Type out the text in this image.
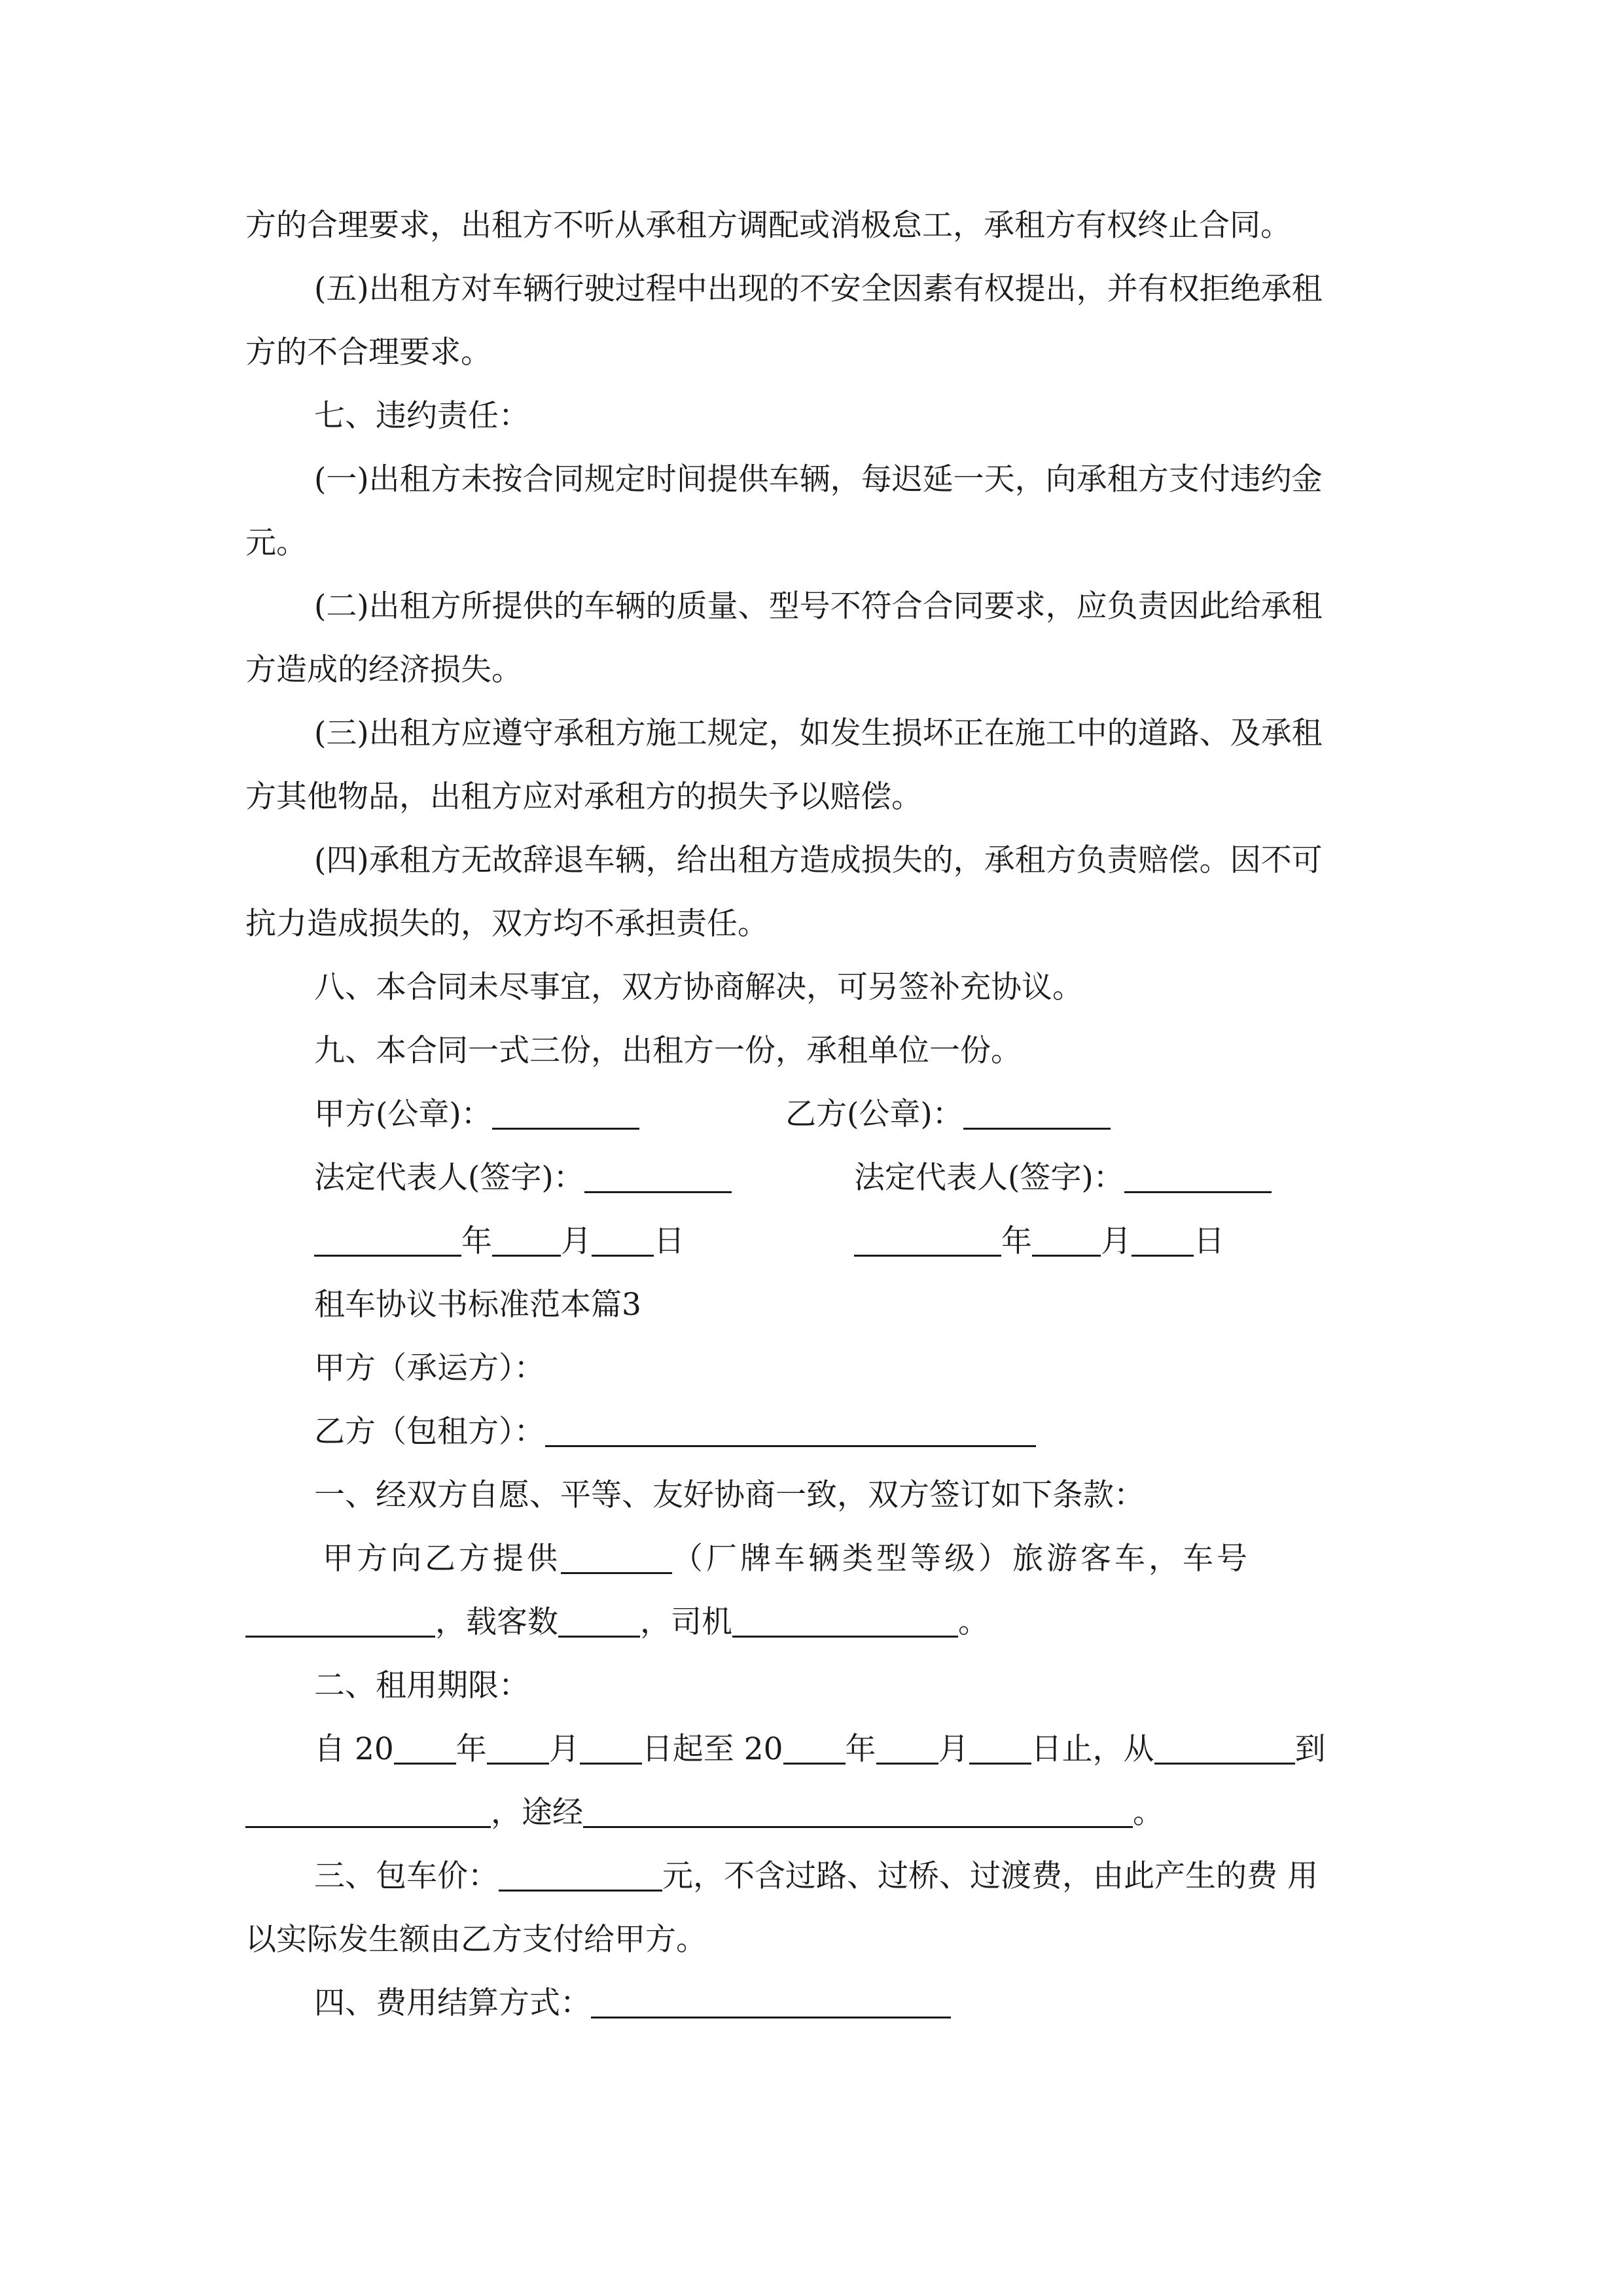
方的合理要求，出租方不听从承租方调配或消极怠工，承租方有权终止合同。
(五)出租方对车辆行驶过程中出现的不安全因素有权提出，并有权拒绝承租
方的不合理要求。
七、违约责任：
(一)出租方未按合同规定时间提供车辆，每迟延一天，向承租方支付违约金
元。
(二)出租方所提供的车辆的质量、型号不符合合同要求，应负责因此给承租
方造成的经济损失。
(三)出租方应遵守承租方施工规定，如发生损坏正在施工中的道路、及承租
方其他物品，出租方应对承租方的损失予以赔偿。
(四)承租方无故辞退车辆，给出租方造成损失的，承租方负责赔偿。因不可
抗力造成损失的，双方均不承担责任。
八、本合同未尽事宜，双方协商解决，可另签补充协议。
九、本合同一式三份，出租方一份，承租单位一份。
甲方(公章)：	乙方(公章)：
法定代表人(签字)：	法定代表人(签字)：
年 月 日	年 月 日
租车协议书标准范本篇3
甲方（承运方）：
乙方（包租方）：
一、经双方自愿、平等、友好协商一致，双方签订如下条款：
甲方向乙方提供	（厂牌车辆类型等级）旅游客车，车号
，载客数	，司机	。
二、租用期限：
自 20 年 月 日起至 20 年 月 日止，从	到
，途经	。
三、包车价：	元，不含过路、过桥、过渡费，由此产生的费 用
以实际发生额由乙方支付给甲方。
四、费用结算方式：
